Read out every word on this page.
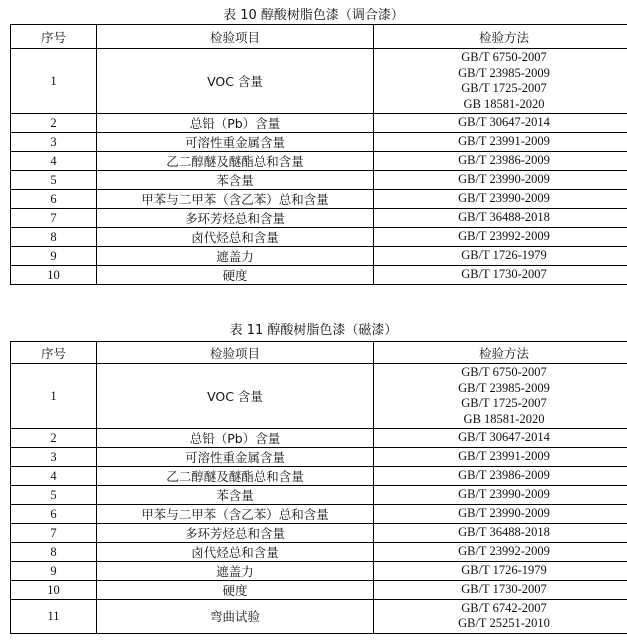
表 10 醇酸树脂色漆（调合漆）
序号	检验项目	检验方法
1	VOC 含量	GB/T 6750-2007
GB/T 23985-2009
GB/T 1725-2007
GB 18581-2020

2	总铅（Pb）含量	GB/T 30647-2014

3	可溶性重金属含量	GB/T 23991-2009

4	乙二醇醚及醚酯总和含量	GB/T 23986-2009

5	苯含量	GB/T 23990-2009

6	甲苯与二甲苯（含乙苯）总和含量	GB/T 23990-2009

7	多环芳烃总和含量	GB/T 36488-2018

8	卤代烃总和含量	GB/T 23992-2009

9	遮盖力	GB/T 1726-1979

10	硬度	GB/T 1730-2007
表 11 醇酸树脂色漆（磁漆）
序号	检验项目	检验方法
1	VOC 含量	GB/T 6750-2007
GB/T 23985-2009
GB/T 1725-2007
GB 18581-2020

2	总铅（Pb）含量	GB/T 30647-2014

3	可溶性重金属含量	GB/T 23991-2009

4	乙二醇醚及醚酯总和含量	GB/T 23986-2009

5	苯含量	GB/T 23990-2009

6	甲苯与二甲苯（含乙苯）总和含量	GB/T 23990-2009

7	多环芳烃总和含量	GB/T 36488-2018

8	卤代烃总和含量	GB/T 23992-2009

9	遮盖力	GB/T 1726-1979

10	硬度	GB/T 1730-2007

11	弯曲试验	GB/T 6742-2007
GB/T 25251-2010
